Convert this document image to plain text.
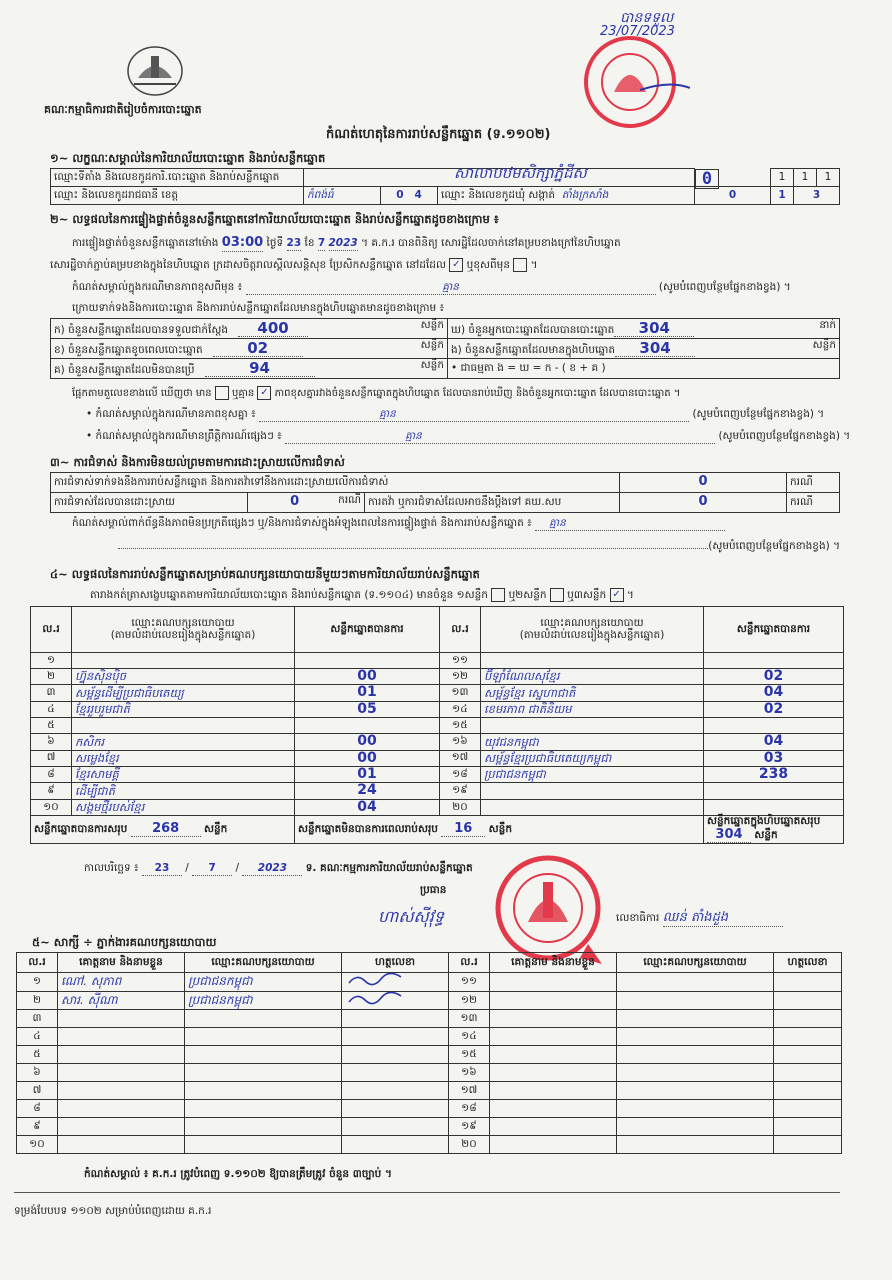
គណៈកម្មាធិការជាតិរៀបចំការបោះឆ្នោត
បានទទួល
23/07/2023
កំណត់ហេតុនៃការរាប់សន្លឹកឆ្នោត (ទ.១១០២)
១~ លក្ខណៈសម្គាល់នៃការិយាល័យបោះឆ្នោត និងរាប់សន្លឹកឆ្នោត
ឈ្មោះទីតាំង និងលេខកូដការិ.បោះឆ្នោត និងរាប់សន្លឹកឆ្នោត	សាលាបឋមសិក្សាភ្នំដីស
		0	1	1	1
ឈ្មោះ និងលេខកូដរាជធានី ខេត្ត	កំពង់ធំ	0 4	ឈ្មោះ និងលេខកូដឃុំ សង្កាត់ តាំងក្រសាំង	0	1	3	
២~ លទ្ធផលនៃការផ្ទៀងផ្ទាត់ចំនួនសន្លឹកឆ្នោតនៅការិយាល័យបោះឆ្នោត និងរាប់សន្លឹកឆ្នោតដូចខាងក្រោម ៖
ការផ្ទៀងផ្ទាត់ចំនួនសន្លឹកឆ្នោតនៅម៉ោង 03:00 ថ្ងៃទី 23 ខែ 7 2023 ។ គ.ក.រ បានពិនិត្យ សោរដ្ឋិដែលចាក់នៅគម្របខាងក្រៅនៃហិបឆ្នោត
សោរដ្ឋិចាក់ភ្ជាប់គម្របខាងក្នុងនៃហិបឆ្នោត ក្រដាសចិត្តរាលស្តីលសន្តិសុខ ប្រែសិកសន្លឹកឆ្នោត នៅដដែល ✓ ឬខុសពីមុន  ។
កំណត់សម្គាល់ក្នុងករណីមានភាពខុសពីមុន ៖	គ្មាន	(សូមបំពេញបន្ថែមផ្នែកខាងខ្វង) ។
ក្រោយទាក់ទងនិងការបោះឆ្នោត និងការរាប់សន្លឹកឆ្នោតដែលមានក្នុងហិបឆ្នោតមានដូចខាងក្រោម ៖
ក) ចំនួនសន្លឹកឆ្នោតដែលបានទទួលជាក់ស្តែង 400 សន្លឹក	ឃ) ចំនួនអ្នកបោះឆ្នោតដែលបានបោះឆ្នោត 304 នាក់

ខ) ចំនួនសន្លឹកឆ្នោតខូចពេលបោះឆ្នោត 02 សន្លឹក	ង) ចំនួនសន្លឹកឆ្នោតដែលមានក្នុងហិបឆ្នោត 304 សន្លឹក

គ) ចំនួនសន្លឹកឆ្នោតដែលមិនបានប្រើ 94 សន្លឹក	• ជាធម្មតា ង = ឃ = ក - ( ខ + គ )
ផ្អែកតាមតួលេខខាងលើ ឃើញថា មាន ឬគ្មាន ✓ ភាពខុសគ្នារវាងចំនួនសន្លឹកឆ្នោតក្នុងហិបឆ្នោត ដែលបានរាប់ឃើញ និងចំនួនអ្នកបោះឆ្នោត ដែលបានបោះឆ្នោត ។
• កំណត់សម្គាល់ក្នុងករណីមានភាពខុសគ្នា ៖	គ្មាន	(សូមបំពេញបន្ថែមផ្នែកខាងខ្វង) ។
• កំណត់សម្គាល់ក្នុងករណីមានព្រឹត្តិការណ៍ផ្សេងៗ ៖	គ្មាន	(សូមបំពេញបន្ថែមផ្នែកខាងខ្វង) ។
៣~ ការជំទាស់ និងការមិនយល់ព្រមតាមការដោះស្រាយលើការជំទាស់
ការជំទាស់ទាក់ទងនឹងការរាប់សន្លឹកឆ្នោត និងការតវ៉ាទៅនឹងការដោះស្រាយលើការជំទាស់			0	ករណី
ការជំទាស់ដែលបានដោះស្រាយ	0 ករណី	ការតវ៉ា ឬការជំទាស់ដែលអាចនឹងប្តឹងទៅ គឃ.សប	0	ករណី
កំណត់សម្គាល់ពាក់ព័ន្ធនឹងភាពមិនប្រក្រតីផ្សេងៗ ឬ/និងការជំទាស់ក្នុងអំឡុងពេលនៃការផ្ទៀងផ្ទាត់ និងការរាប់សន្លឹកឆ្នោត ៖ គ្មាន
(សូមបំពេញបន្ថែមផ្នែកខាងខ្វង) ។
៤~ លទ្ធផលនៃការរាប់សន្លឹកឆ្នោតសម្រាប់គណបក្សនយោបាយនីមួយៗតាមការិយាល័យរាប់សន្លឹកឆ្នោត
តារាងកត់ត្រាសង្ខេបឆ្នោតតាមការិយាល័យបោះឆ្នោត និងរាប់សន្លឹកឆ្នោត (ទ.១១០៤) មានចំនួន ១សន្លឹក ឬ២សន្លឹក ឬ៣សន្លឹក ✓ ។
ល.រ	ឈ្មោះគណបក្សនយោបាយ
(តាមលំដាប់លេខរៀងក្នុងសន្លឹកឆ្នោត)	សន្លឹកឆ្នោតបានការ	ល.រ	ឈ្មោះគណបក្សនយោបាយ
(តាមលំដាប់លេខរៀងក្នុងសន្លឹកឆ្នោត)	សន្លឹកឆ្នោតបានការ
១			១១		
២	ហ្វ៊ុនស៊ិនប៉ិច	00	១២	ប៊ីឡាំណែលសុខ្មែរ	02
៣	សម្ព័ន្ធដើម្បីប្រជាធិបតេយ្យ	01	១៣	សម្ព័ន្ធខ្មែរ ស្នេហាជាតិ	04
៤	ខ្មែររួបរួមជាតិ	05	១៤	ខេមរភាព ជាតិនិយម	02
៥			១៥		
៦	កសិករ	00	១៦	យុវជនកម្ពុជា	04
៧	សម្លេងខ្មែរ	00	១៧	សម្ព័ន្ធខ្មែរប្រជាធិបតេយ្យកម្ពុជា	03
៨	ខ្មែរសាមគ្គី	01	១៨	ប្រជាជនកម្ពុជា	238
៩	ដើម្បីជាតិ	24	១៩		
១០	សង្គមថ្មីរបស់ខ្មែរ	04	២០		
សន្លឹកឆ្នោតបានការសរុប 268 សន្លឹក		សន្លឹកឆ្នោតមិនបានការពេលរាប់សរុប 16 សន្លឹក			សន្លឹកឆ្នោតក្នុងហិបឆ្នោតសរុប 304 សន្លឹក
កាលបរិច្ឆេទ ៖ 23 / 7 / 2023 ទ. គណៈកម្មការការិយាល័យរាប់សន្លឹកឆ្នោត
ប្រធាន
ហាស់ស៊ីវុទ្ធ	លេខាធិការ ឈន់ តាំងដួង
៥~ សាក្សី ÷ ភ្នាក់ងារគណបក្សនយោបាយ
ល.រ	គោត្តនាម និងនាមខ្លួន	ឈ្មោះគណបក្សនយោបាយ	ហត្ថលេខា	ល.រ	គោត្តនាម និងនាមខ្លួន	ឈ្មោះគណបក្សនយោបាយ	ហត្ថលេខា
១	ណៅ. សុភាព	ប្រជាជនកម្ពុជា		១១			
២	សារ. ស៊ីណា	ប្រជាជនកម្ពុជា		១២			
៣				១៣			
៤				១៤			
៥				១៥			
៦				១៦			
៧				១៧			
៨				១៨			
៩				១៩			
១០				២០			
កំណត់សម្គាល់ ៖ គ.ក.រ ត្រូវបំពេញ ទ.១១០២ ឱ្យបានត្រឹមត្រូវ ចំនួន ៣ច្បាប់ ។
ទម្រង់បែបបទ ១១០២ សម្រាប់បំពេញដោយ គ.ក.រ
